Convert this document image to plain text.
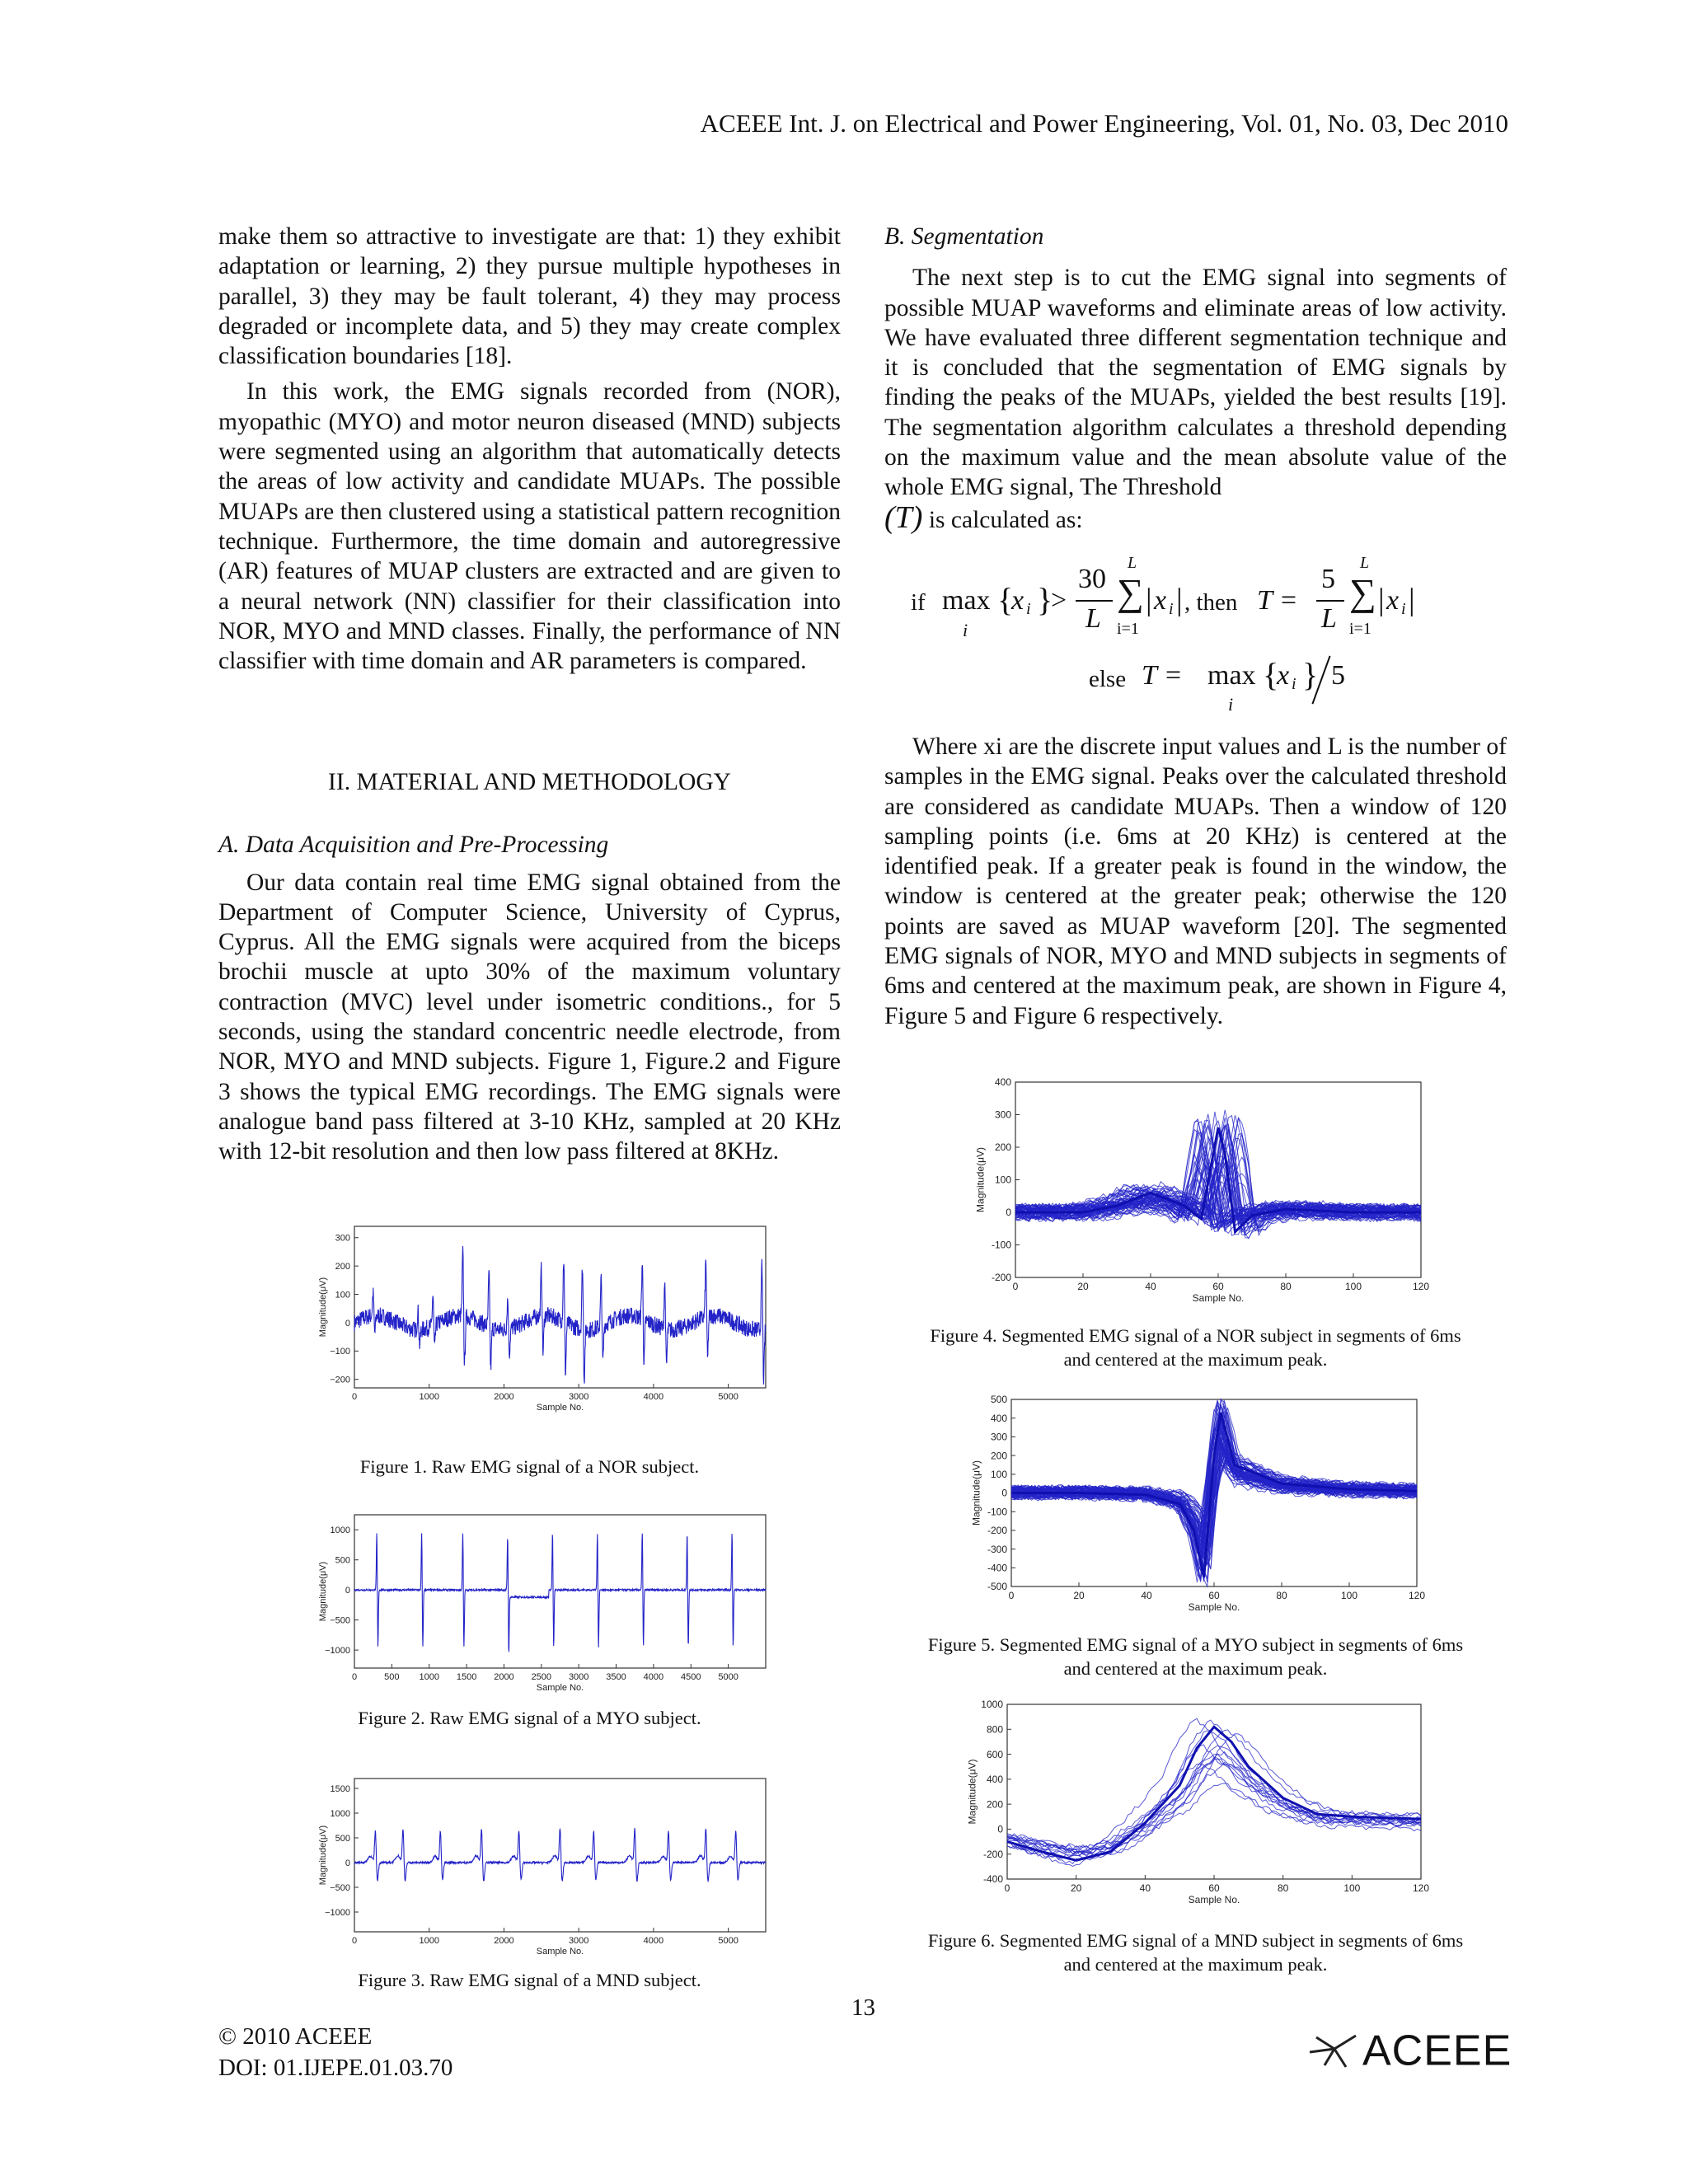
ACEEE Int. J. on Electrical and Power Engineering, Vol. 01, No. 03, Dec 2010

make them so attractive to investigate are that: 1) they exhibit adaptation or learning, 2) they pursue multiple hypotheses in parallel, 3) they may be fault tolerant, 4) they may process degraded or incomplete data, and 5) they may create complex classification boundaries [18].

In this work, the EMG signals recorded from (NOR), myopathic (MYO) and motor neuron diseased (MND) subjects were segmented using an algorithm that automatically detects the areas of low activity and candidate MUAPs. The possible MUAPs are then clustered using a statistical pattern recognition technique. Furthermore, the time domain and autoregressive (AR) features of MUAP clusters are extracted and are given to a neural network (NN) classifier for their classification into NOR, MYO and MND classes. Finally, the performance of NN classifier with time domain and AR parameters is compared.

II. MATERIAL AND METHODOLOGY

A. Data Acquisition and Pre-Processing

Our data contain real time EMG signal obtained from the Department of Computer Science, University of Cyprus, Cyprus. All the EMG signals were acquired from the biceps brochii muscle at upto 30% of the maximum voluntary contraction (MVC) level under isometric conditions., for 5 seconds, using the standard concentric needle electrode, from NOR, MYO and MND subjects. Figure 1, Figure.2 and Figure 3 shows the typical EMG recordings. The EMG signals were analogue band pass filtered at 3-10 KHz, sampled at 20 KHz with 12-bit resolution and then low pass filtered at 8KHz.

B. Segmentation

The next step is to cut the EMG signal into segments of possible MUAP waveforms and eliminate areas of low activity. We have evaluated three different segmentation technique and it is concluded that the segmentation of EMG signals by finding the peaks of the MUAPs, yielded the best results [19]. The segmentation algorithm calculates a threshold depending on the maximum value and the mean absolute value of the whole EMG signal, The Threshold
(T) is calculated as:

if max
i
{
x i }
>
30
L
L
∑
i=1
| x i | , then T =
5
L
L
∑
i=1
| x i |
else T = max
i
{
x i } 5

Where xi are the discrete input values and L is the number of samples in the EMG signal. Peaks over the calculated threshold are considered as candidate MUAPs. Then a window of 120 sampling points (i.e. 6ms at 20 KHz) is centered at the identified peak. If a greater peak is found in the window, the window is centered at the greater peak; otherwise the 120 points are saved as MUAP waveform [20]. The segmented EMG signals of NOR, MYO and MND subjects in segments of 6ms and centered at the maximum peak, are shown in Figure 4, Figure 5 and Figure 6 respectively.

300
200
100
0
−100
−200
0	1000	2000	3000	4000	5000
Sample No.
Magnitude(μV)
Figure 1. Raw EMG signal of a NOR subject.
1000
500
0
−500
−1000
0	500 1000 1500 2000 2500 3000 3500 4000 4500 5000
Sample No.
Magnitude(μV)
Figure 2. Raw EMG signal of a MYO subject.
1500
1000
500
0
−500
−1000
0	1000	2000	3000	4000	5000
Sample No.
Magnitude(μV)
Figure 3. Raw EMG signal of a MND subject.
400
300
200
100
0
-100
-200
0	20	40	60	80	100	120
Sample No.
Magnitude(μV)
Figure 4. Segmented EMG signal of a NOR subject in segments of 6ms
and centered at the maximum peak.
500
400
300
200
100
0
-100
-200
-300
-400
-500
0	20	40	60	80	100	120
Sample No.
Magnitude(μV)
Figure 5. Segmented EMG signal of a MYO subject in segments of 6ms
and centered at the maximum peak.
1000
800
600
400
200
0
-200
-400
0	20	40	60	80	100	120
Sample No.
Magnitude(μV)
Figure 6. Segmented EMG signal of a MND subject in segments of 6ms
and centered at the maximum peak.
13
© 2010 ACEEE
DOI: 01.IJEPE.01.03.70	ACEEE
